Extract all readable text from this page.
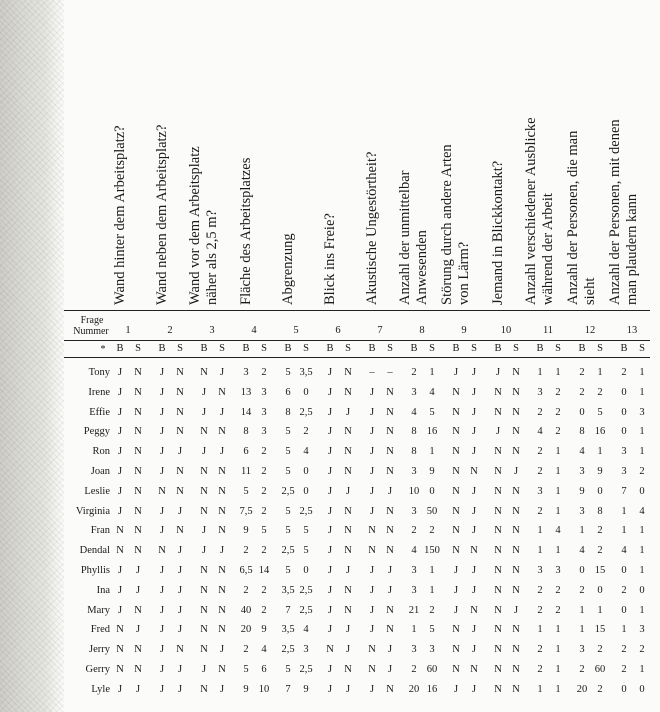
Wand hinter dem Arbeitsplatz? Wand neben dem Arbeitsplatz? Wand vor dem Arbeitsplatz näher als 2,5 m? Fläche des Arbeitsplatzes Abgrenzung Blick ins Freie? Akustische Ungestörtheit? Anzahl der unmittelbar Anwesenden Störung durch andere Arten von Lärm? Jemand in Blickkontakt? Anzahl verschiedener Ausblicke während der Arbeit Anzahl der Personen, die man sieht Anzahl der Personen, mit denen man plaudern kann
Frage
Nummer
*
1
B S
2
B S
3
B S
4
B S
5
B S
6
B S
7
B S
8
B S
9
B S
10
B S
11
B S
12
B S
13
B S
Tony J N J N N J 3 2 5 3,5 J N – – 2 1 J J J N 1 1 2 1 2 1
Irene J N J N J N 13 3 6 0 J N J N 3 4 N J N N 3 2 2 2 0 1
Effie J N J N J J 14 3 8 2,5 J J J N 4 5 N J N N 2 2 0 5 0 3
Peggy J N J N N N 8 3 5 2 J N J N 8 16 N J J N 4 2 8 16 0 1
Ron J N J J J J 6 2 5 4 J N J N 8 1 N J N N 2 1 4 1 3 1
Joan J N J N N N 11 2 5 0 J N J N 3 9 N N N J 2 1 3 9 3 2
Leslie J N N N N N 5 2 2,5 0 J J J J 10 0 N J N N 3 1 9 0 7 0
Virginia J N J J N N 7,5 2 5 2,5 J N J N 3 50 N J N N 2 1 3 8 1 4
Fran N N J N J N 9 5 5 5 J N N N 2 2 N J N N 1 4 1 2 1 1
Dendal N N N J J J 2 2 2,5 5 J N N N 4 150 N N N N 1 1 4 2 4 1
Phyllis J J J J N N 6,5 14 5 0 J J J J 3 1 J J N N 3 3 0 15 0 1
Ina J J J J N N 2 2 3,5 2,5 J N J J 3 1 J J N N 2 2 2 0 2 0
Mary J N J J N N 40 2 7 2,5 J N J N 21 2 J N N J 2 2 1 1 0 1
Fred N J J J N N 20 9 3,5 4 J J J N 1 5 N J N N 1 1 1 15 1 3
Jerry N N J N N J 2 4 2,5 3 N J N J 3 3 N J N N 2 1 3 2 2 2
Gerry N N J J J N 5 6 5 2,5 J N N J 2 60 N N N N 2 1 2 60 2 1
Lyle J J J J N J 9 10 7 9 J J J N 20 16 J J N N 1 1 20 2 0 0
